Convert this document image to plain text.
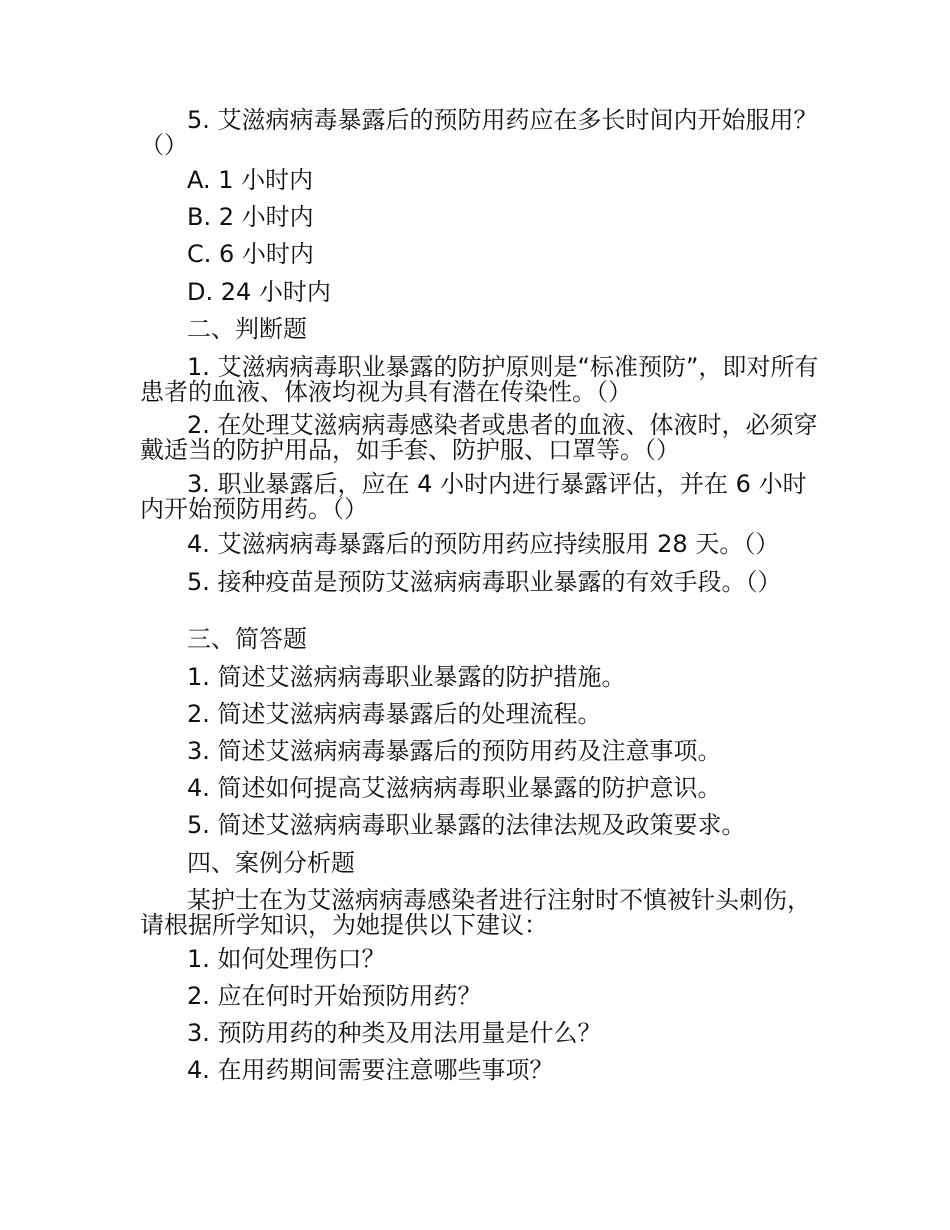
5. 艾滋病病毒暴露后的预防用药应在多长时间内开始服用？ （）
A. 1 小时内
B. 2 小时内
C. 6 小时内
D. 24 小时内
二、判断题
1. 艾滋病病毒职业暴露的防护原则是“标准预防”，即对所有患者的血液、体液均视为具有潜在传染性。（）
2. 在处理艾滋病病毒感染者或患者的血液、体液时，必须穿戴适当的防护用品，如手套、防护服、口罩等。（）
3. 职业暴露后，应在 4 小时内进行暴露评估，并在 6 小时内开始预防用药。（）
4. 艾滋病病毒暴露后的预防用药应持续服用 28 天。（）
5. 接种疫苗是预防艾滋病病毒职业暴露的有效手段。（）
三、简答题
1. 简述艾滋病病毒职业暴露的防护措施。
2. 简述艾滋病病毒暴露后的处理流程。
3. 简述艾滋病病毒暴露后的预防用药及注意事项。
4. 简述如何提高艾滋病病毒职业暴露的防护意识。
5. 简述艾滋病病毒职业暴露的法律法规及政策要求。
四、案例分析题
某护士在为艾滋病病毒感染者进行注射时不慎被针头刺伤，请根据所学知识，为她提供以下建议：
1. 如何处理伤口？
2. 应在何时开始预防用药？
3. 预防用药的种类及用法用量是什么？
4. 在用药期间需要注意哪些事项？
